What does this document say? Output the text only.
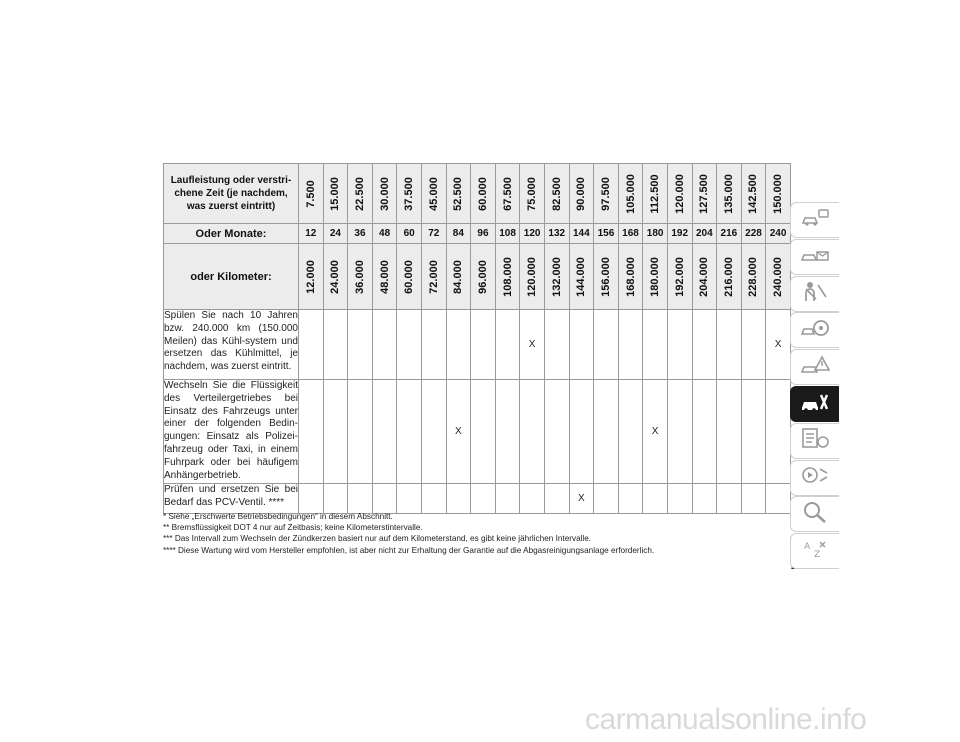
Laufleistung oder verstri-chene Zeit (je nachdem, was zuerst eintritt)	7.500	15.000	22.500	30.000	37.500	45.000	52.500	60.000	67.500	75.000	82.500	90.000	97.500	105.000	112.500	120.000	127.500	135.000	142.500	150.000

Oder Monate:	12	24	36	48	60	72	84	96	108	120	132	144	156	168	180	192	204	216	228	240
oder Kilometer:	12.000	24.000	36.000	48.000	60.000	72.000	84.000	96.000	108.000	120.000	132.000	144.000	156.000	168.000	180.000	192.000	204.000	216.000	228.000	240.000

Spülen Sie nach 10 Jahren bzw. 240.000 km (150.000 Meilen) das Kühl-system und ersetzen das Kühlmittel, je nachdem, was zuerst eintritt.										X										X
Wechseln Sie die Flüssigkeit des Verteilergetriebes bei Einsatz des Fahrzeugs unter einer der folgenden Bedin-gungen: Einsatz als Polizei-fahrzeug oder Taxi, in einem Fuhrpark oder bei häufigem Anhängerbetrieb.							X								X					
Prüfen und ersetzen Sie bei Bedarf das PCV-Ventil. ****												X								
* Siehe „Erschwerte Betriebsbedingungen“ in diesem Abschnitt.
** Bremsflüssigkeit DOT 4 nur auf Zeitbasis; keine Kilometerstintervalle.
*** Das Intervall zum Wechseln der Zündkerzen basiert nur auf dem Kilometerstand, es gibt keine jährlichen Intervalle.
**** Diese Wartung wird vom Hersteller empfohlen, ist aber nicht zur Erhaltung der Garantie auf die Abgasreinigungsanlage erforderlich.	A
Z
carmanualsonline.info
